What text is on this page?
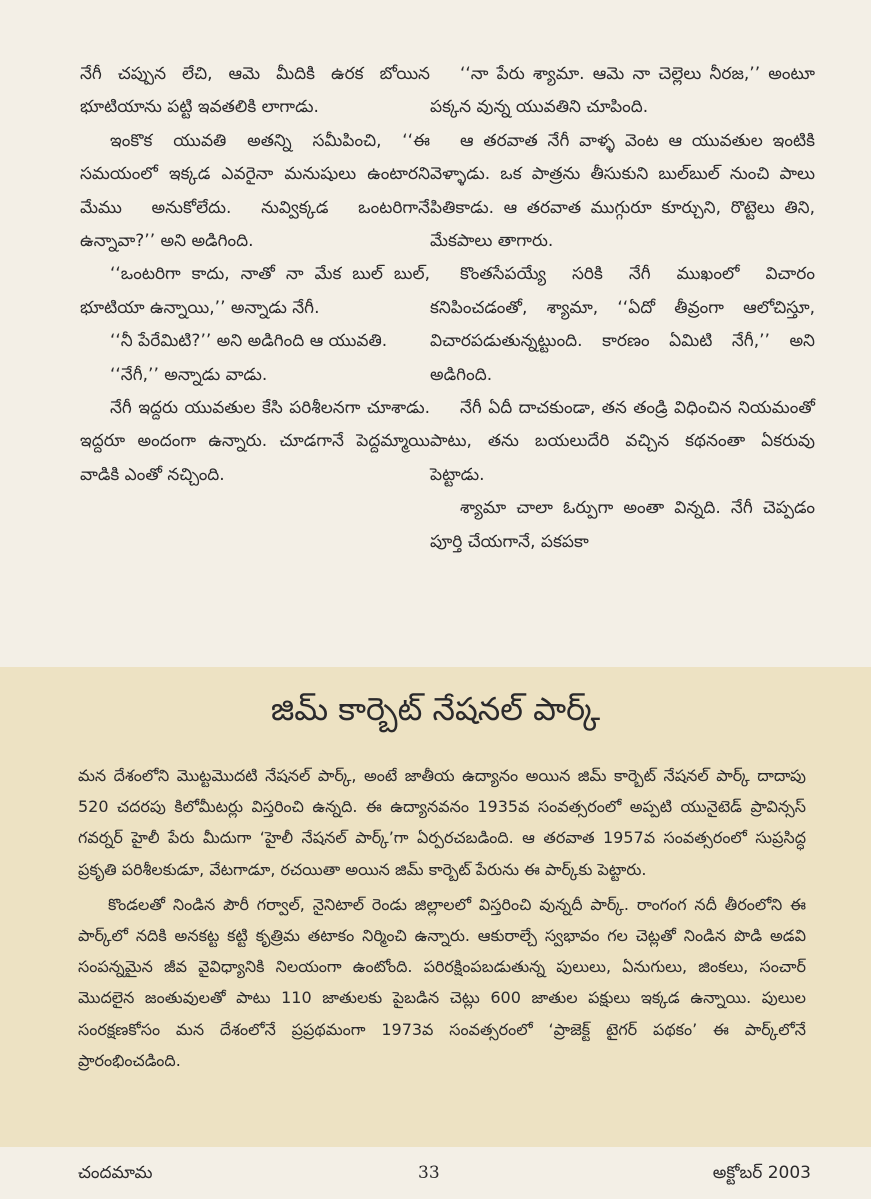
నేగీ చప్పున లేచి, ఆమె మీదికి ఉరక బోయిన భూటియాను పట్టి ఇవతలికి లాగాడు.

ఇంకొక యువతి అతన్ని సమీపించి, ‘‘ఈ సమయంలో ఇక్కడ ఎవరైనా మనుషులు ఉంటారని మేము అనుకోలేదు. నువ్విక్కడ ఒంటరిగానే ఉన్నావా?’’ అని అడిగింది.

‘‘ఒంటరిగా కాదు, నాతో నా మేక బుల్ బుల్, భూటియా ఉన్నాయి,’’ అన్నాడు నేగీ.

‘‘నీ పేరేమిటి?’’ అని అడిగింది ఆ యువతి.

‘‘నేగీ,’’ అన్నాడు వాడు.

నేగీ ఇద్దరు యువతుల కేసి పరిశీలనగా చూశాడు. ఇద్దరూ అందంగా ఉన్నారు. చూడగానే పెద్దమ్మాయి వాడికి ఎంతో నచ్చింది.

‘‘నా పేరు శ్యామా. ఆమె నా చెల్లెలు నీరజ,’’ అంటూ పక్కన వున్న యువతిని చూపింది.

ఆ తరవాత నేగీ వాళ్ళ వెంట ఆ యువతుల ఇంటికి వెళ్ళాడు. ఒక పాత్రను తీసుకుని బుల్‌బుల్ నుంచి పాలు పితికాడు. ఆ తరవాత ముగ్గురూ కూర్చుని, రొట్టెలు తిని, మేకపాలు తాగారు.

కొంతసేపయ్యే సరికి నేగీ ముఖంలో విచారం కనిపించడంతో, శ్యామా, ‘‘ఏదో తీవ్రంగా ఆలోచిస్తూ, విచారపడుతున్నట్టుంది. కారణం ఏమిటి నేగీ,’’ అని అడిగింది.

నేగీ ఏదీ దాచకుండా, తన తండ్రి విధించిన నియమంతో పాటు, తను బయలుదేరి వచ్చిన కథనంతా ఏకరువు పెట్టాడు.

శ్యామా చాలా ఓర్పుగా అంతా విన్నది. నేగీ చెప్పడం పూర్తి చేయగానే, పకపకా

జిమ్ కార్బెట్ నేషనల్ పార్క్

మన దేశంలోని మొట్టమొదటి నేషనల్ పార్క్, అంటే జాతీయ ఉద్యానం అయిన జిమ్ కార్బెట్ నేషనల్ పార్క్ దాదాపు 520 చదరపు కిలోమీటర్లు విస్తరించి ఉన్నది. ఈ ఉద్యానవనం 1935వ సంవత్సరంలో అప్పటి యునైటెడ్ ప్రావిన్సస్ గవర్నర్ హైలీ పేరు మీదుగా ‘హైలీ నేషనల్ పార్క్’గా ఏర్పరచబడింది. ఆ తరవాత 1957వ సంవత్సరంలో సుప్రసిద్ధ ప్రకృతి పరిశీలకుడూ, వేటగాడూ, రచయితా అయిన జిమ్ కార్బెట్ పేరును ఈ పార్క్‌కు పెట్టారు.

కొండలతో నిండిన పౌరీ గర్వాల్, నైనిటాల్ రెండు జిల్లాలలో విస్తరించి వున్నదీ పార్క్. రాంగంగ నదీ తీరంలోని ఈ పార్క్‌లో నదికి అనకట్ట కట్టి కృత్రిమ తటాకం నిర్మించి ఉన్నారు. ఆకురాల్చే స్వభావం గల చెట్లతో నిండిన పొడి అడవి సంపన్నమైన జీవ వైవిధ్యానికి నిలయంగా ఉంటోంది. పరిరక్షింపబడుతున్న పులులు, ఏనుగులు, జింకలు, సంచార్ మొదలైన జంతువులతో పాటు 110 జాతులకు పైబడిన చెట్లు 600 జాతుల పక్షులు ఇక్కడ ఉన్నాయి. పులుల సంరక్షణకోసం మన దేశంలోనే ప్రప్రథమంగా 1973వ సంవత్సరంలో ‘ప్రాజెక్ట్ టైగర్ పథకం’ ఈ పార్క్‌లోనే ప్రారంభించడింది.

చందమామ	33	అక్టోబర్ 2003
